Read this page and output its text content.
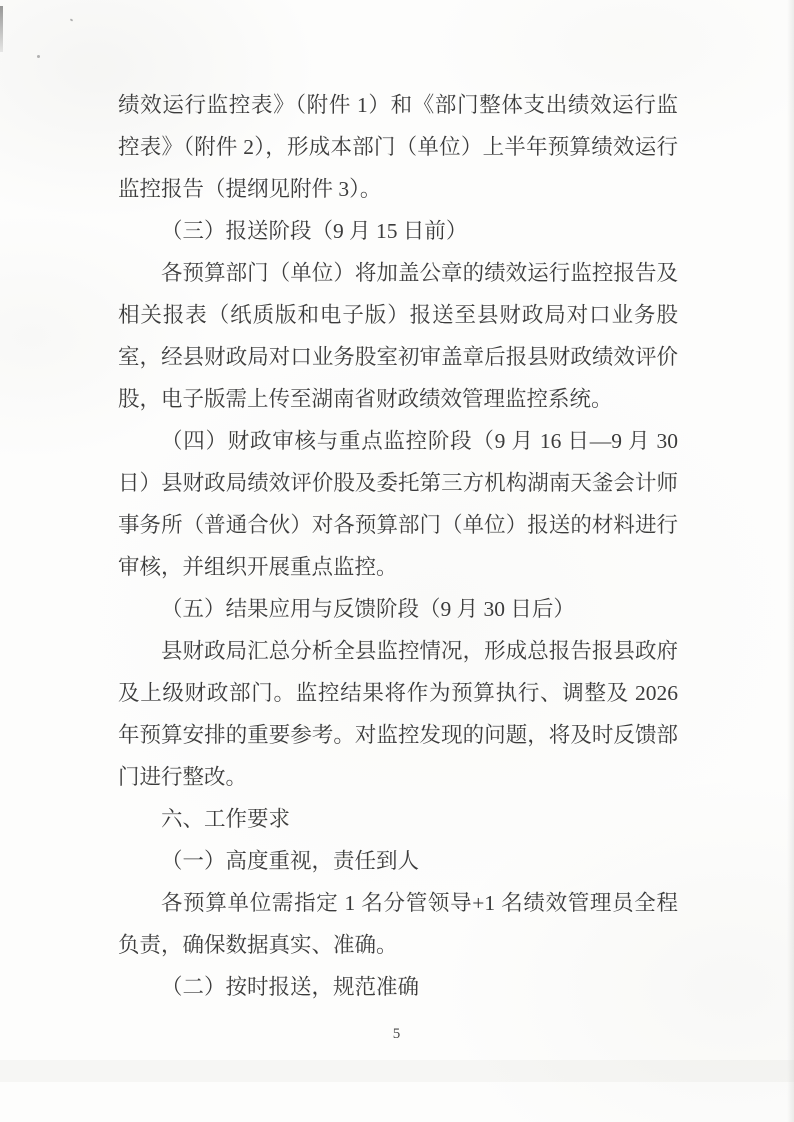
绩效运行监控表》（附件 1）和《部门整体支出绩效运行监控表》（附件 2），形成本部门（单位）上半年预算绩效运行监控报告（提纲见附件 3）。

（三）报送阶段（9 月 15 日前）

各预算部门（单位）将加盖公章的绩效运行监控报告及相关报表（纸质版和电子版）报送至县财政局对口业务股室，经县财政局对口业务股室初审盖章后报县财政绩效评价股，电子版需上传至湖南省财政绩效管理监控系统。

（四）财政审核与重点监控阶段（9 月 16 日—9 月 30 日）县财政局绩效评价股及委托第三方机构湖南天釜会计师事务所（普通合伙）对各预算部门（单位）报送的材料进行审核，并组织开展重点监控。

（五）结果应用与反馈阶段（9 月 30 日后）

县财政局汇总分析全县监控情况，形成总报告报县政府及上级财政部门。监控结果将作为预算执行、调整及 2026 年预算安排的重要参考。对监控发现的问题，将及时反馈部门进行整改。

六、工作要求

（一）高度重视，责任到人

各预算单位需指定 1 名分管领导+1 名绩效管理员全程负责，确保数据真实、准确。

（二）按时报送，规范准确

5
